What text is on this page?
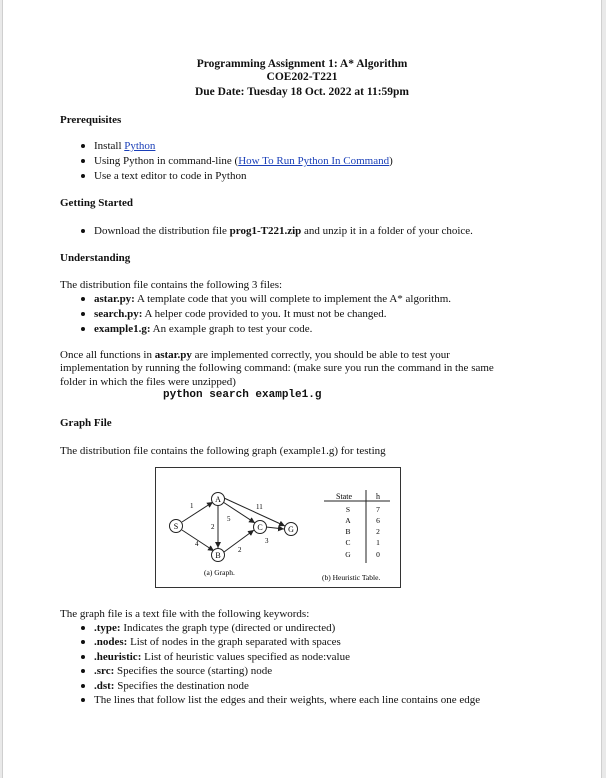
Programming Assignment 1: A* Algorithm
COE202-T221
Due Date: Tuesday 18 Oct. 2022 at 11:59pm
Prerequisites
Install Python
Using Python in command-line (How To Run Python In Command)
Use a text editor to code in Python
Getting Started
Download the distribution file prog1-T221.zip and unzip it in a folder of your choice.
Understanding
The distribution file contains the following 3 files:
astar.py: A template code that you will complete to implement the A* algorithm.
search.py: A helper code provided to you. It must not be changed.
example1.g: An example graph to test your code.
Once all functions in astar.py are implemented correctly, you should be able to test your
implementation by running the following command: (make sure you run the command in the same
folder in which the files were unzipped)
python search example1.g
Graph File
The distribution file contains the following graph (example1.g) for testing
S
A
B
C	G
1
4
2
5
11
2
3
State	h
S	7
A	6
B	2
C	1
G	0
(a) Graph.
(b) Heuristic Table.
The graph file is a text file with the following keywords:
.type: Indicates the graph type (directed or undirected)
.nodes: List of nodes in the graph separated with spaces
.heuristic: List of heuristic values specified as node:value
.src: Specifies the source (starting) node
.dst: Specifies the destination node
The lines that follow list the edges and their weights, where each line contains one edge
